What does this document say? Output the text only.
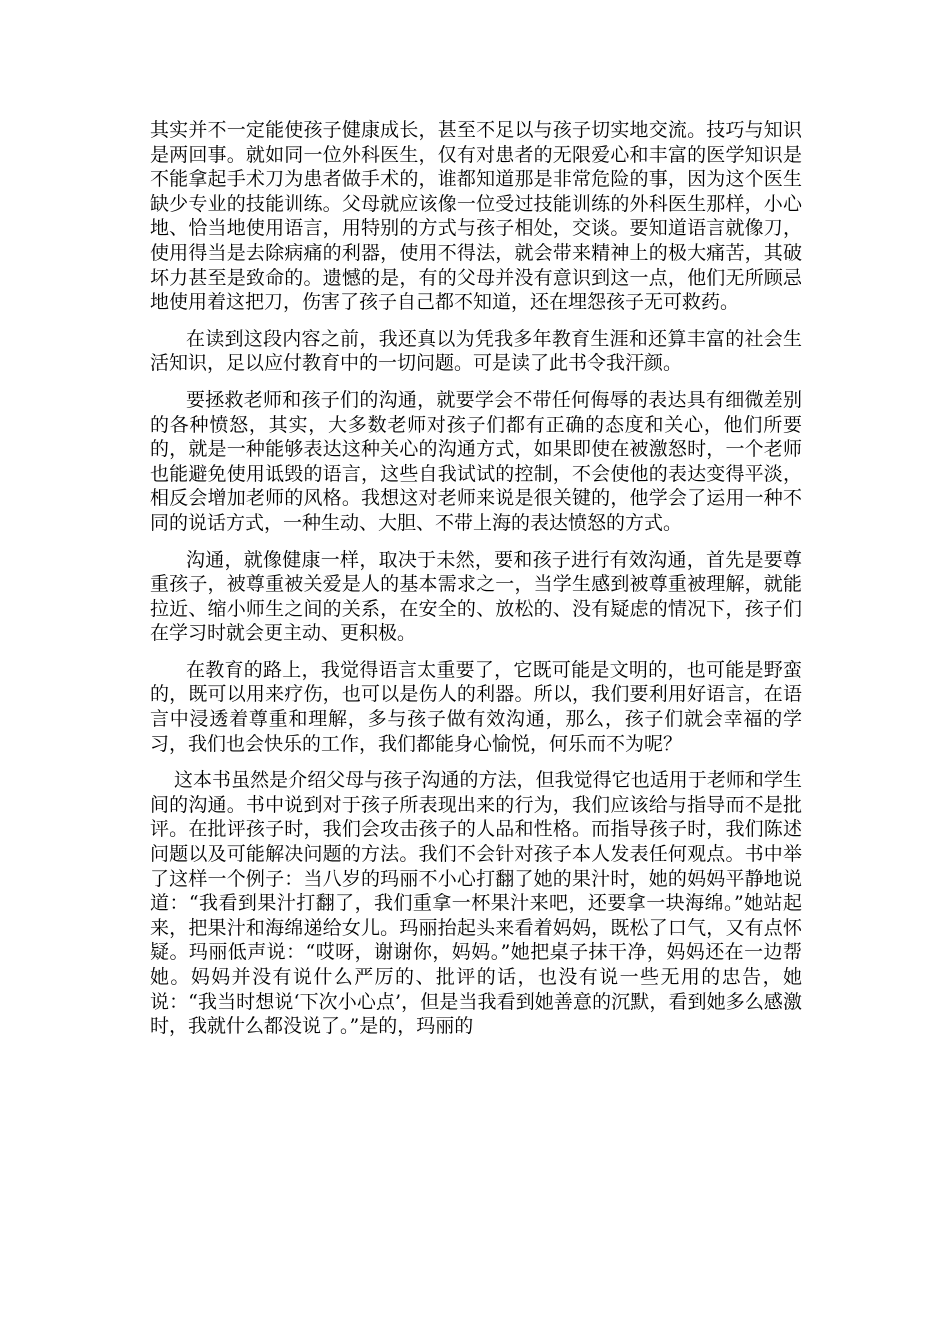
其实并不一定能使孩子健康成长，甚至不足以与孩子切实地交流。技巧与知识是两回事。就如同一位外科医生，仅有对患者的无限爱心和丰富的医学知识是不能拿起手术刀为患者做手术的，谁都知道那是非常危险的事，因为这个医生缺少专业的技能训练。父母就应该像一位受过技能训练的外科医生那样，小心地、恰当地使用语言，用特别的方式与孩子相处，交谈。要知道语言就像刀，使用得当是去除病痛的利器，使用不得法，就会带来精神上的极大痛苦，其破坏力甚至是致命的。遗憾的是，有的父母并没有意识到这一点，他们无所顾忌地使用着这把刀，伤害了孩子自己都不知道，还在埋怨孩子无可救药。

在读到这段内容之前，我还真以为凭我多年教育生涯和还算丰富的社会生活知识，足以应付教育中的一切问题。可是读了此书令我汗颜。

要拯救老师和孩子们的沟通，就要学会不带任何侮辱的表达具有细微差别的各种愤怒，其实，大多数老师对孩子们都有正确的态度和关心，他们所要的，就是一种能够表达这种关心的沟通方式，如果即使在被激怒时，一个老师也能避免使用诋毁的语言，这些自我试试的控制，不会使他的表达变得平淡，相反会增加老师的风格。我想这对老师来说是很关键的，他学会了运用一种不同的说话方式，一种生动、大胆、不带上海的表达愤怒的方式。

沟通，就像健康一样，取决于未然，要和孩子进行有效沟通，首先是要尊重孩子，被尊重被关爱是人的基本需求之一，当学生感到被尊重被理解，就能拉近、缩小师生之间的关系，在安全的、放松的、没有疑虑的情况下，孩子们在学习时就会更主动、更积极。

在教育的路上，我觉得语言太重要了，它既可能是文明的，也可能是野蛮的，既可以用来疗伤，也可以是伤人的利器。所以，我们要利用好语言，在语言中浸透着尊重和理解，多与孩子做有效沟通，那么，孩子们就会幸福的学习，我们也会快乐的工作，我们都能身心愉悦，何乐而不为呢？

这本书虽然是介绍父母与孩子沟通的方法，但我觉得它也适用于老师和学生间的沟通。书中说到对于孩子所表现出来的行为，我们应该给与指导而不是批评。在批评孩子时，我们会攻击孩子的人品和性格。而指导孩子时，我们陈述问题以及可能解决问题的方法。我们不会针对孩子本人发表任何观点。书中举了这样一个例子：当八岁的玛丽不小心打翻了她的果汁时，她的妈妈平静地说道：“我看到果汁打翻了，我们重拿一杯果汁来吧，还要拿一块海绵。”她站起来，把果汁和海绵递给女儿。玛丽抬起头来看着妈妈，既松了口气，又有点怀疑。玛丽低声说：“哎呀，谢谢你，妈妈。”她把桌子抹干净，妈妈还在一边帮她。妈妈并没有说什么严厉的、批评的话，也没有说一些无用的忠告，她说：“我当时想说‘下次小心点’，但是当我看到她善意的沉默，看到她多么感激时，我就什么都没说了。”是的，玛丽的
